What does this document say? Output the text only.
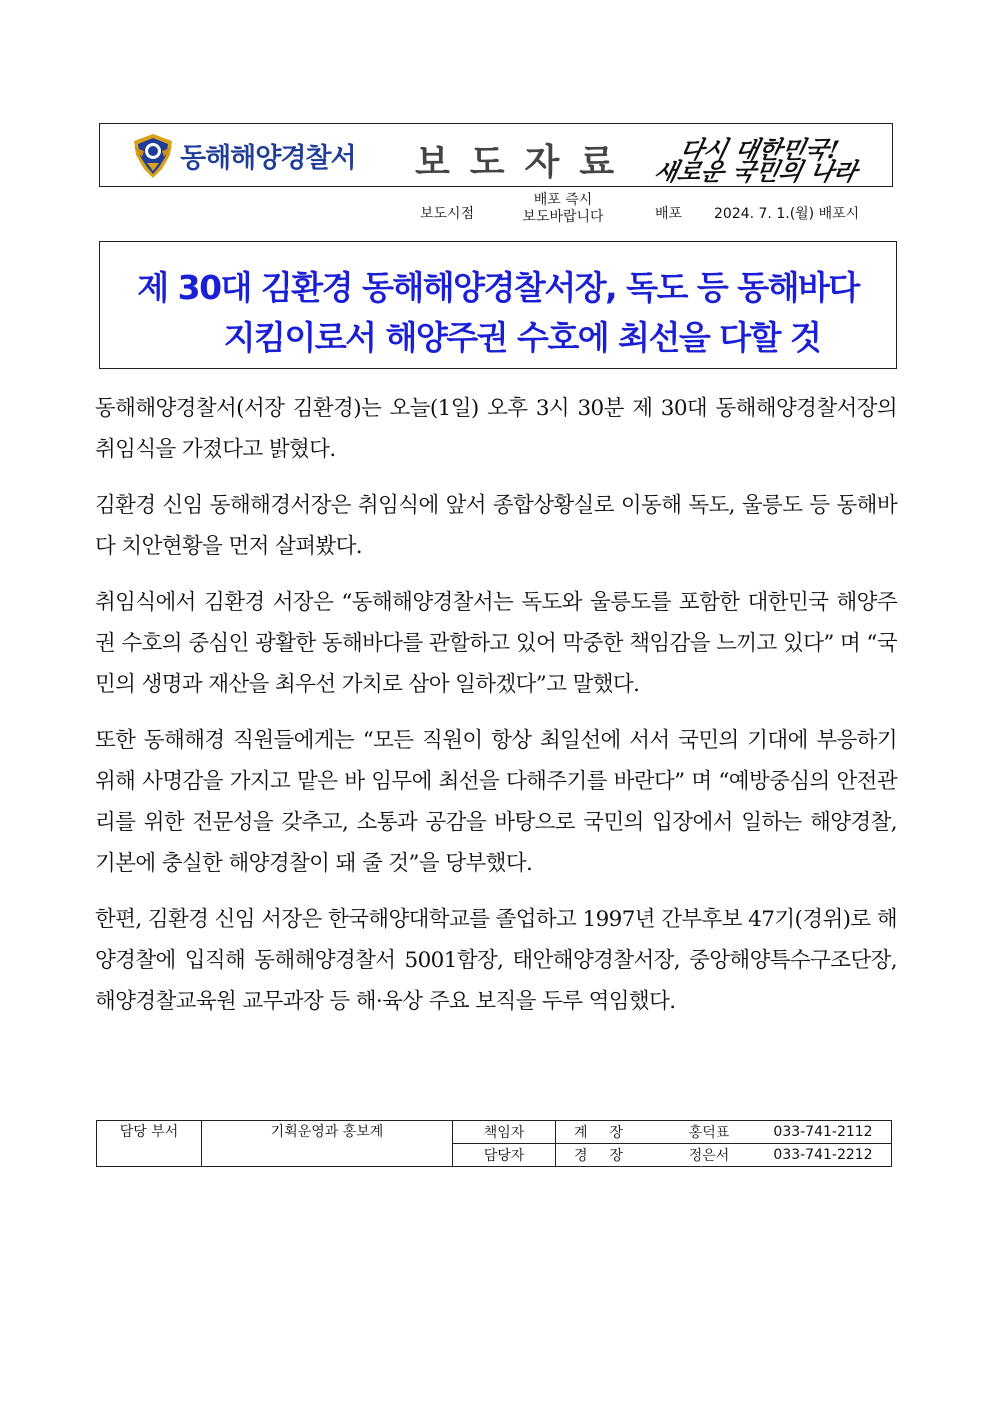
동해해양경찰서 보도자료 다시 대한민국!
새로운 국민의 나라
보도시점
배포 즉시
보도바랍니다	배포 2024. 7. 1.(월) 배포시
제 30대 김환경 동해해양경찰서장, 독도 등 동해바다
지킴이로서 해양주권 수호에 최선을 다할 것

동해해양경찰서(서장 김환경)는 오늘(1일) 오후 3시 30분 제 30대 동해해양경찰서장의 취임식을 가졌다고 밝혔다.

김환경 신임 동해해경서장은 취임식에 앞서 종합상황실로 이동해 독도, 울릉도 등 동해바다 치안현황을 먼저 살펴봤다.

취임식에서 김환경 서장은 “동해해양경찰서는 독도와 울릉도를 포함한 대한민국 해양주권 수호의 중심인 광활한 동해바다를 관할하고 있어 막중한 책임감을 느끼고 있다” 며 “국민의 생명과 재산을 최우선 가치로 삼아 일하겠다”고 말했다.

또한 동해해경 직원들에게는 “모든 직원이 항상 최일선에 서서 국민의 기대에 부응하기 위해 사명감을 가지고 맡은 바 임무에 최선을 다해주기를 바란다” 며 “예방중심의 안전관리를 위한 전문성을 갖추고, 소통과 공감을 바탕으로 국민의 입장에서 일하는 해양경찰, 기본에 충실한 해양경찰이 돼 줄 것”을 당부했다.

한편, 김환경 신임 서장은 한국해양대학교를 졸업하고 1997년 간부후보 47기(경위)로 해양경찰에 입직해 동해해양경찰서 5001함장, 태안해양경찰서장, 중앙해양특수구조단장, 해양경찰교육원 교무과장 등 해·육상 주요 보직을 두루 역임했다.

담당 부서	기획운영과 홍보계	책임자	계장	홍덕표	033-741-2112
		담당자	경장	정은서	033-741-2212
